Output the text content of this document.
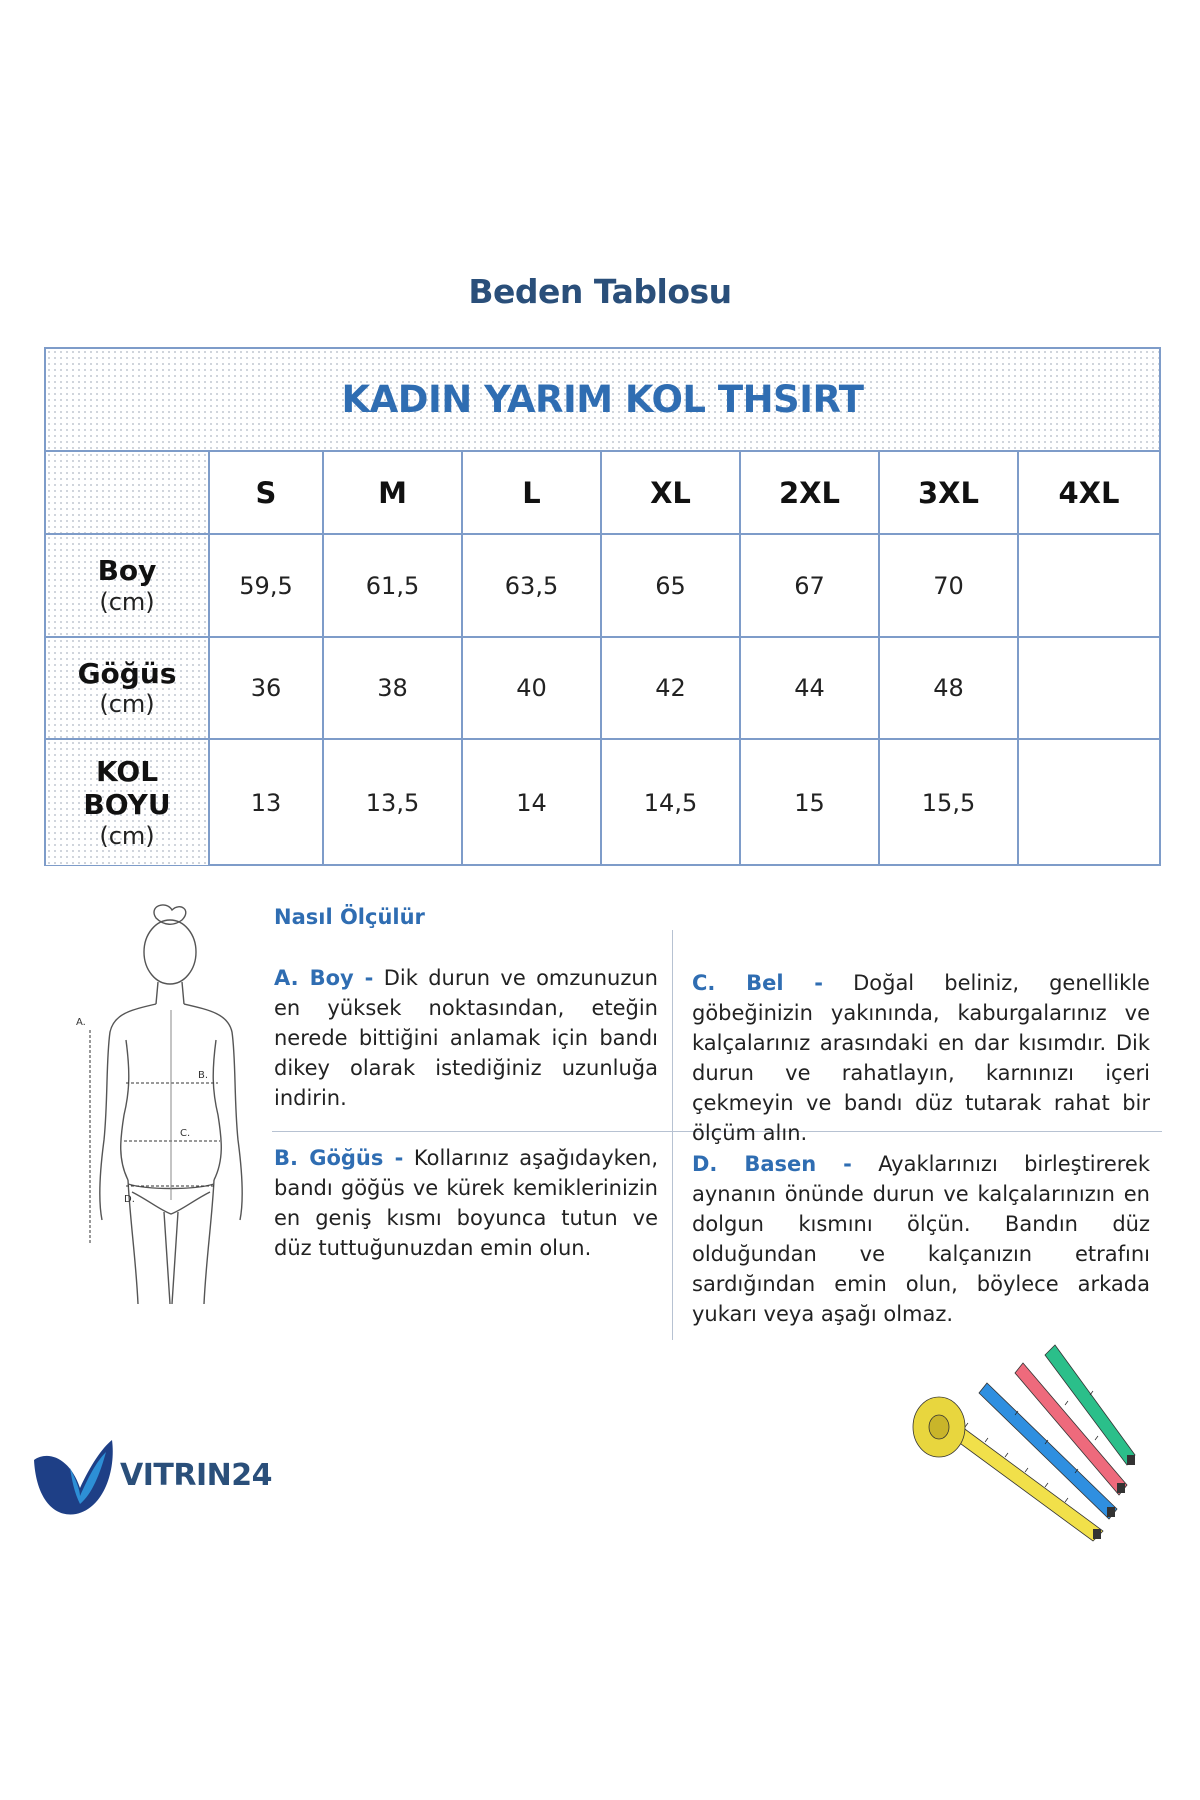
Beden Tablosu
KADIN YARIM KOL THSIRT
	S	M	L	XL	2XL	3XL	4XL

Boy
(cm)	59,5	61,5	63,5	65	67	70	

Göğüs
(cm)	36	38	40	42	44	48	

KOL
BOYU
(cm)	13	13,5	14	14,5	15	15,5	
A.
B.
C.
D.
Nasıl Ölçülür
A. Boy - Dik durun ve omzunuzun en yüksek noktasından, eteğin nerede bittiğini anlamak için bandı dikey olarak istediğiniz uzunluğa indirin.
B. Göğüs - Kollarınız aşağıdayken, bandı göğüs ve kürek kemiklerinizin en geniş kısmı boyunca tutun ve düz tuttuğunuzdan emin olun.
C. Bel - Doğal beliniz, genellikle göbeğinizin yakınında, kaburgalarınız ve kalçalarınız arasındaki en dar kısımdır. Dik durun ve rahatlayın, karnınızı içeri çekmeyin ve bandı düz tutarak rahat bir ölçüm alın.
D. Basen - Ayaklarınızı birleştirerek aynanın önünde durun ve kalçalarınızın en dolgun kısmını ölçün. Bandın düz olduğundan ve kalçanızın etrafını sardığından emin olun, böylece arkada yukarı veya aşağı olmaz.
VITRIN24
